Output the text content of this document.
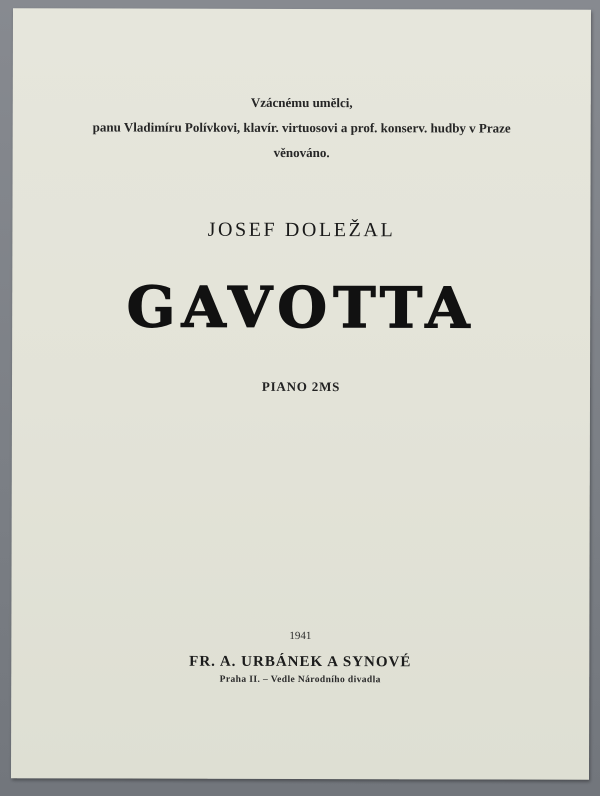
Vzácnému umělci,
panu Vladimíru Polívkovi, klavír. virtuosovi a prof. konserv. hudby v Praze
věnováno.
JOSEF DOLEŽAL
GAVOTTA
PIANO 2MS
1941
FR. A. URBÁNEK A SYNOVÉ
Praha II. – Vedle Národního divadla
